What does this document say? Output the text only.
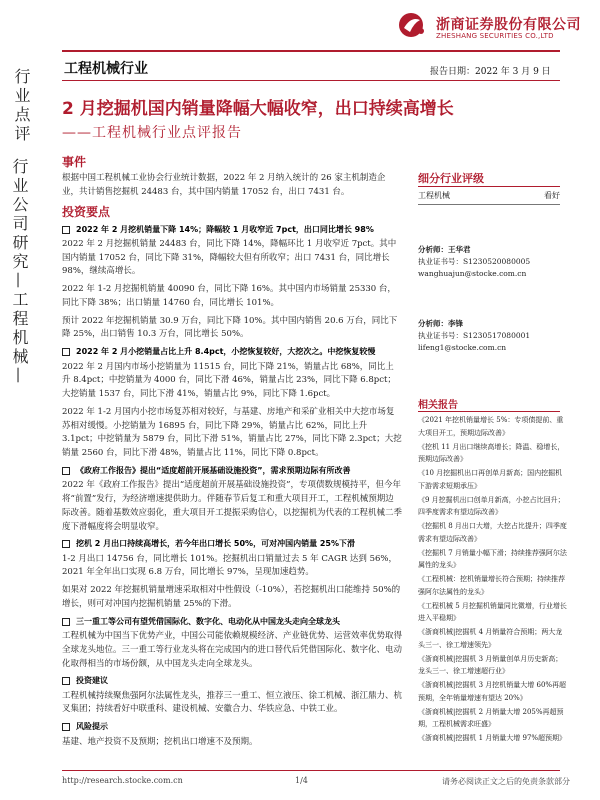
浙商证券股份有限公司
ZHESHANG SECURITIES CO.,LTD
工程机械行业	报告日期：2022 年 3 月 9 日
行业点评
行业公司研究—工程机械—
2 月挖掘机国内销量降幅大幅收窄，出口持续高增长
——工程机械行业点评报告
事件

根据中国工程机械工业协会行业统计数据，2022 年 2 月纳入统计的 26 家主机制造企业，共计销售挖掘机 24483 台，其中国内销量 17052 台，出口 7431 台。

投资要点
2022 年 2 月挖机销量下降 14%；降幅较 1 月收窄近 7pct，出口同比增长 98%

2022 年 2 月挖掘机销量 24483 台，同比下降 14%，降幅环比 1 月收窄近 7pct。其中国内销量 17052 台，同比下降 31%，降幅较大但有所收窄；出口 7431 台，同比增长 98%，继续高增长。

2022 年 1-2 月挖掘机销量 40090 台，同比下降 16%。其中国内市场销量 25330 台，同比下降 38%；出口销量 14760 台，同比增长 101%。

预计 2022 年挖掘机销量 30.9 万台，同比下降 10%。其中国内销售 20.6 万台，同比下降 25%，出口销售 10.3 万台，同比增长 50%。

2022 年 2 月小挖销量占比上升 8.4pct，小挖恢复较好，大挖次之。中挖恢复较慢

2022 年 2 月国内市场小挖销量为 11515 台，同比下降 21%，销量占比 68%，同比上升 8.4pct；中挖销量为 4000 台，同比下滑 46%，销量占比 23%，同比下降 6.8pct；大挖销量 1537 台，同比下滑 41%，销量占比 9%，同比下降 1.6pct。

2022 年 1-2 月国内小挖市场复苏相对较好，与基建、房地产和采矿业相关中大挖市场复苏相对缓慢。小挖销量为 16895 台，同比下降 29%，销量占比 62%，同比上升 3.1pct；中挖销量为 5879 台，同比下滑 51%，销量占比 27%，同比下降 2.3pct；大挖销量 2560 台，同比下滑 48%，销量占比 11%，同比下降 0.8pct。

《政府工作报告》提出“适度超前开展基础设施投资”，需求预期边际有所改善

2022 年《政府工作报告》提出“适度超前开展基础设施投资”，专项债数规模持平，但今年将“前置”发行，为经济增速提供助力。伴随春节后复工和重大项目开工，工程机械预期边际改善。随着基数效应弱化，重大项目开工提振采购信心，以挖掘机为代表的工程机械二季度下滑幅度将会明显收窄。

挖机 2 月出口持续高增长，若今年出口增长 50%，可对冲国内销量 25%下滑

1-2 月出口 14756 台，同比增长 101%。挖掘机出口销量过去 5 年 CAGR 达到 56%，2021 年全年出口实现 6.8 万台，同比增长 97%，呈现加速趋势。

如果对 2022 年挖掘机销量增速采取相对中性假设（-10%），若挖掘机出口能维持 50%的增长，则可对冲国内挖掘机销量 25%的下滑。

三一重工等公司有望凭借国际化、数字化、电动化从中国龙头走向全球龙头

工程机械为中国当下优势产业，中国公司能依赖规模经济、产业链优势、运营效率优势取得全球龙头地位。三一重工等行业龙头将在完成国内的进口替代后凭借国际化、数字化、电动化取得相当的市场份额，从中国龙头走向全球龙头。

投资建议

工程机械持续聚焦强阿尔法属性龙头，推荐三一重工、恒立液压、徐工机械、浙江鼎力、杭叉集团；持续看好中联重科、建设机械、安徽合力、华铁应急、中铁工业。

风险提示

基建、地产投资不及预期；挖机出口增速不及预期。

细分行业评级
工程机械	看好
分析师：王华君
执业证书号：S1230520080005
wanghuajun@stocke.com.cn
分析师：李锋
执业证书号：S1230517080001
lifeng1@stocke.com.cn
相关报告
《2021 年挖机销量增长 5%：专项债提前、重大项目开工，预期边际改善》
《挖机 11 月出口继续高增长；降温、稳增长，预期边际改善》
《10 月挖掘机出口再创单月新高；国内挖掘机下游需求短期承压》
《9 月挖掘机出口创单月新高，小挖占比回升；四季度需求有望边际改善》
《挖掘机 8 月出口大增，大挖占比提升；四季度需求有望边际改善》
《挖掘机 7 月销量小幅下滑；持续推荐强阿尔法属性的龙头》
《工程机械：挖机销量增长符合预期；持续推荐强阿尔法属性的龙头》
《工程机械 5 月挖掘机销量同比微增，行业增长进入平稳期》
《浙商机械|挖掘机 4 月销量符合预期；两大龙头三一、徐工增速领先》
《浙商机械|挖掘机 3 月销量创单月历史新高；龙头三一、徐工增速超行业》
《浙商机械|挖掘机 3 月挖机销量大增 60%再超预期，全年销量增速有望达 20%》
《浙商机械|挖掘机 2 月销量大增 205%再超预期，工程机械需求旺盛》
《浙商机械|挖掘机 1 月销量大增 97%超预期》
http://research.stocke.com.cn	1/4	请务必阅读正文之后的免责条款部分
